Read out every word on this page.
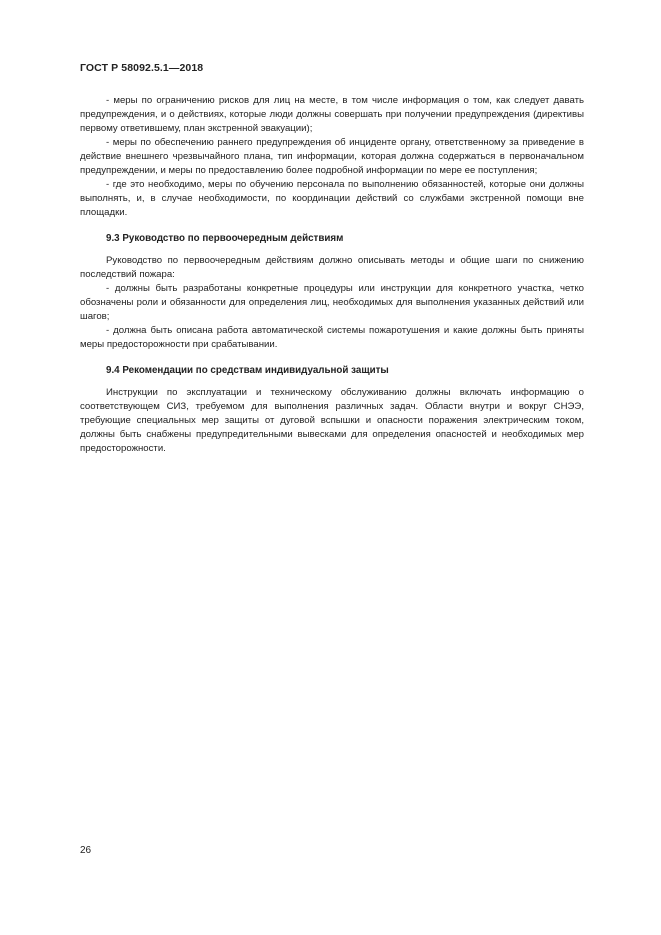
ГОСТ Р 58092.5.1—2018

- меры по ограничению рисков для лиц на месте, в том числе информация о том, как следует давать предупреждения, и о действиях, которые люди должны совершать при получении предупреждения (директивы первому ответившему, план экстренной эвакуации);

- меры по обеспечению раннего предупреждения об инциденте органу, ответственному за приведение в действие внешнего чрезвычайного плана, тип информации, которая должна содержаться в первоначальном предупреждении, и меры по предоставлению более подробной информации по мере ее поступления;

- где это необходимо, меры по обучению персонала по выполнению обязанностей, которые они должны выполнять, и, в случае необходимости, по координации действий со службами экстренной помощи вне площадки.

9.3 Руководство по первоочередным действиям

Руководство по первоочередным действиям должно описывать методы и общие шаги по снижению последствий пожара:

- должны быть разработаны конкретные процедуры или инструкции для конкретного участка, четко обозначены роли и обязанности для определения лиц, необходимых для выполнения указанных действий или шагов;

- должна быть описана работа автоматической системы пожаротушения и какие должны быть приняты меры предосторожности при срабатывании.

9.4 Рекомендации по средствам индивидуальной защиты

Инструкции по эксплуатации и техническому обслуживанию должны включать информацию о соответствующем СИЗ, требуемом для выполнения различных задач. Области внутри и вокруг СНЭЭ, требующие специальных мер защиты от дуговой вспышки и опасности поражения электрическим током, должны быть снабжены предупредительными вывесками для определения опасностей и необходимых мер предосторожности.

26
